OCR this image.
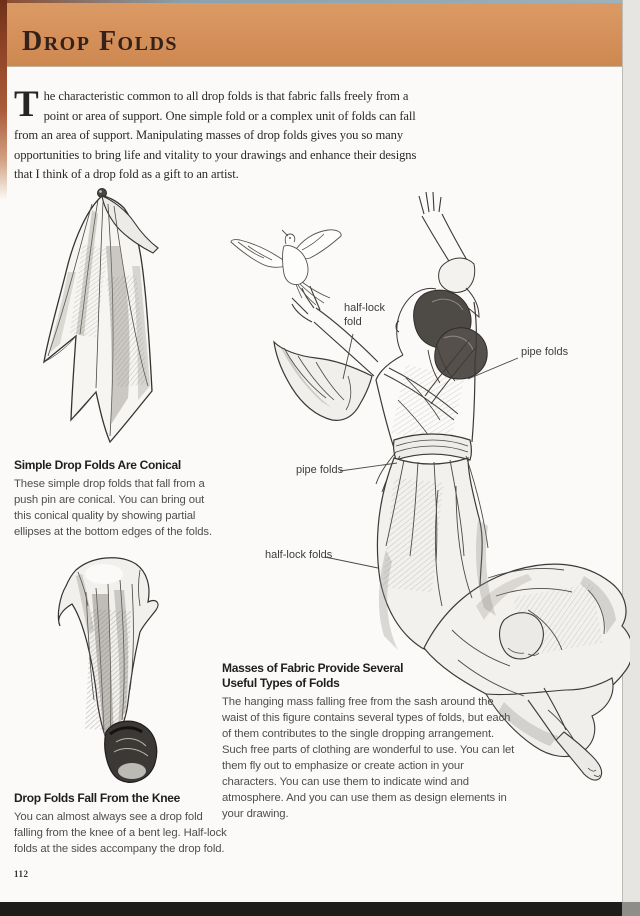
Drop Folds
The characteristic common to all drop folds is that fabric falls freely from a point or area of support. One simple fold or a complex unit of folds can fall from an area of support. Manipulating masses of drop folds gives you so many opportunities to bring life and vitality to your drawings and enhance their designs that I think of a drop fold as a gift to an artist.
half-lock fold
pipe folds
pipe folds
half-lock folds
Simple Drop Folds Are Conical

These simple drop folds that fall from a push pin are conical. You can bring out this conical quality by showing partial ellipses at the bottom edges of the folds.

Masses of Fabric Provide Several Useful Types of Folds

The hanging mass falling free from the sash around the waist of this figure contains several types of folds, but each of them contributes to the single dropping arrangement. Such free parts of clothing are wonderful to use. You can let them fly out to emphasize or create action in your characters. You can use them to indicate wind and atmosphere. And you can use them as design elements in your drawing.

Drop Folds Fall From the Knee

You can almost always see a drop fold falling from the knee of a bent leg. Half-lock folds at the sides accompany the drop fold.

112
